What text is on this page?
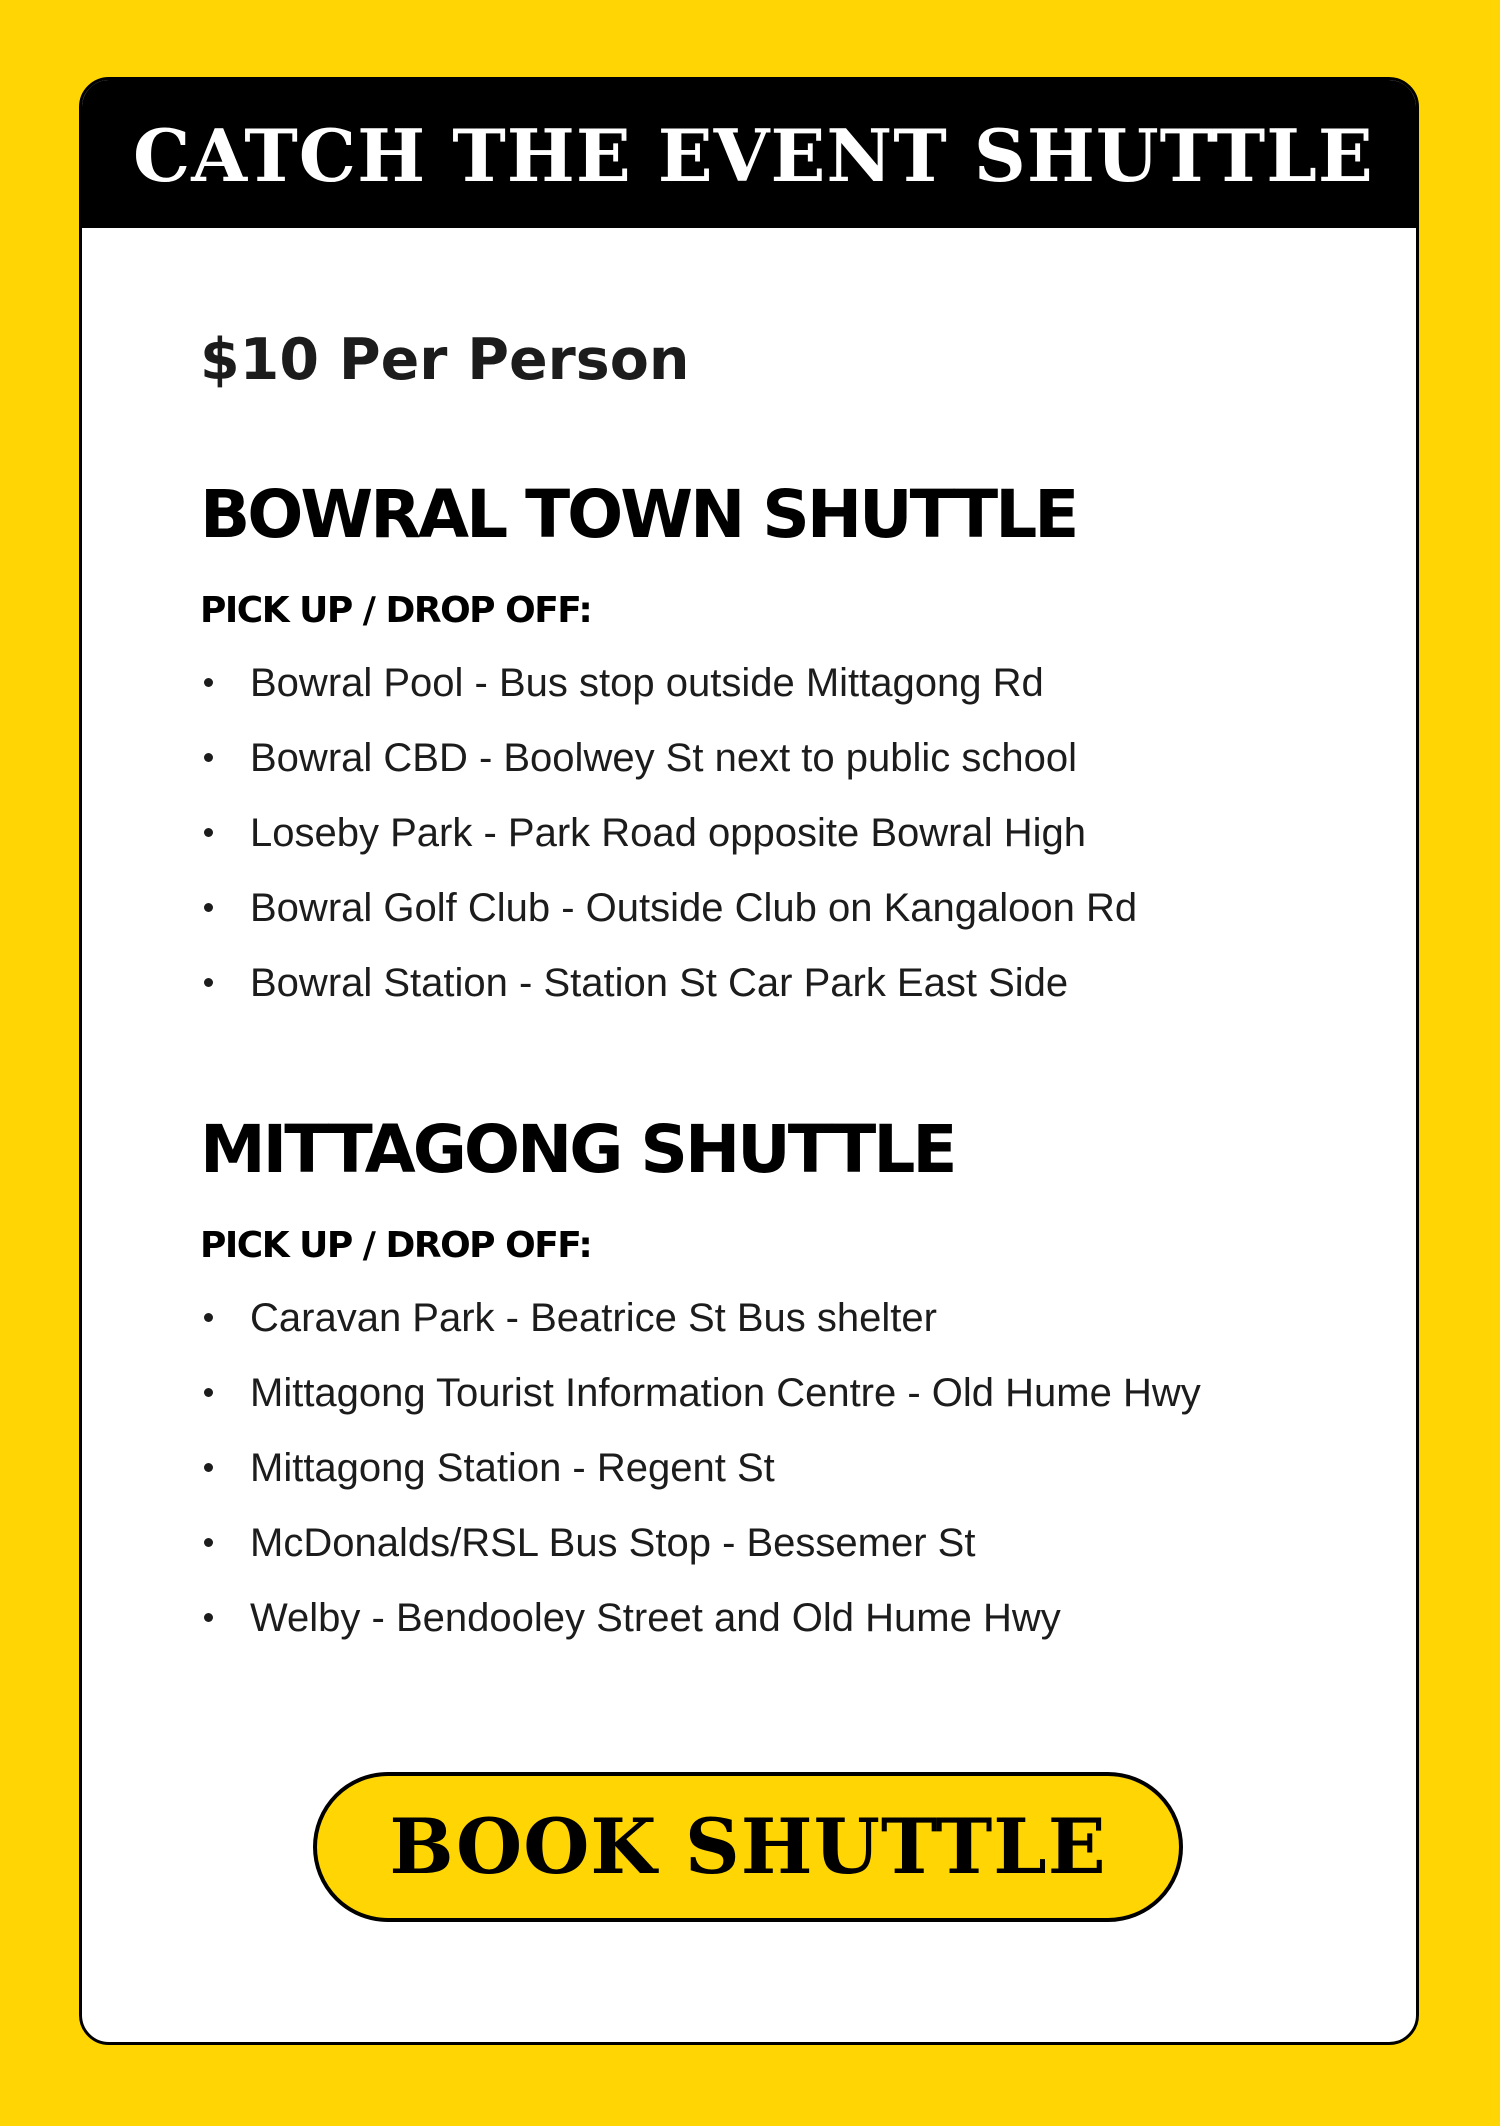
CATCH THE EVENT SHUTTLE
$10 Per Person
BOWRAL TOWN SHUTTLE
PICK UP / DROP OFF:
Bowral Pool - Bus stop outside Mittagong Rd
Bowral CBD - Boolwey St next to public school
Loseby Park - Park Road opposite Bowral High
Bowral Golf Club - Outside Club on Kangaloon Rd
Bowral Station - Station St Car Park East Side
MITTAGONG SHUTTLE
PICK UP / DROP OFF:
Caravan Park - Beatrice St Bus shelter
Mittagong Tourist Information Centre - Old Hume Hwy
Mittagong Station - Regent St
McDonalds/RSL Bus Stop - Bessemer St
Welby - Bendooley Street and Old Hume Hwy
BOOK SHUTTLE
